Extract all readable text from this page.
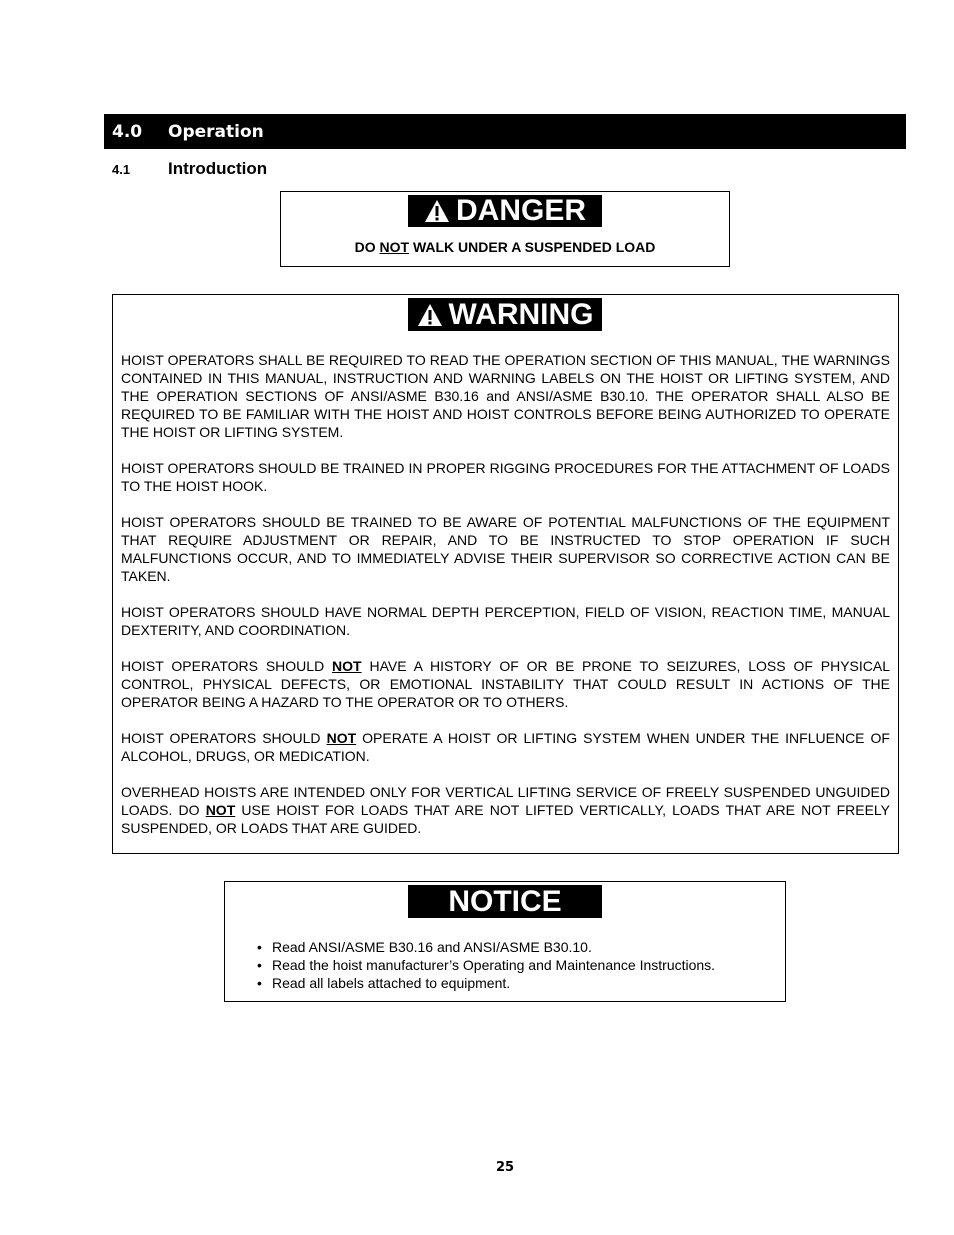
4.0	Operation
4.1	Introduction
DANGER
DO NOT WALK UNDER A SUSPENDED LOAD
WARNING

HOIST OPERATORS SHALL BE REQUIRED TO READ THE OPERATION SECTION OF THIS MANUAL, THE WARNINGS CONTAINED IN THIS MANUAL, INSTRUCTION AND WARNING LABELS ON THE HOIST OR LIFTING SYSTEM, AND THE OPERATION SECTIONS OF ANSI/ASME B30.16 and ANSI/ASME B30.10. THE OPERATOR SHALL ALSO BE REQUIRED TO BE FAMILIAR WITH THE HOIST AND HOIST CONTROLS BEFORE BEING AUTHORIZED TO OPERATE THE HOIST OR LIFTING SYSTEM.

HOIST OPERATORS SHOULD BE TRAINED IN PROPER RIGGING PROCEDURES FOR THE ATTACHMENT OF LOADS TO THE HOIST HOOK.

HOIST OPERATORS SHOULD BE TRAINED TO BE AWARE OF POTENTIAL MALFUNCTIONS OF THE EQUIPMENT THAT REQUIRE ADJUSTMENT OR REPAIR, AND TO BE INSTRUCTED TO STOP OPERATION IF SUCH MALFUNCTIONS OCCUR, AND TO IMMEDIATELY ADVISE THEIR SUPERVISOR SO CORRECTIVE ACTION CAN BE TAKEN.

HOIST OPERATORS SHOULD HAVE NORMAL DEPTH PERCEPTION, FIELD OF VISION, REACTION TIME, MANUAL DEXTERITY, AND COORDINATION.

HOIST OPERATORS SHOULD NOT HAVE A HISTORY OF OR BE PRONE TO SEIZURES, LOSS OF PHYSICAL CONTROL, PHYSICAL DEFECTS, OR EMOTIONAL INSTABILITY THAT COULD RESULT IN ACTIONS OF THE OPERATOR BEING A HAZARD TO THE OPERATOR OR TO OTHERS.

HOIST OPERATORS SHOULD NOT OPERATE A HOIST OR LIFTING SYSTEM WHEN UNDER THE INFLUENCE OF ALCOHOL, DRUGS, OR MEDICATION.

OVERHEAD HOISTS ARE INTENDED ONLY FOR VERTICAL LIFTING SERVICE OF FREELY SUSPENDED UNGUIDED LOADS. DO NOT USE HOIST FOR LOADS THAT ARE NOT LIFTED VERTICALLY, LOADS THAT ARE NOT FREELY SUSPENDED, OR LOADS THAT ARE GUIDED.

NOTICE
• Read ANSI/ASME B30.16 and ANSI/ASME B30.10.
• Read the hoist manufacturer’s Operating and Maintenance Instructions.
• Read all labels attached to equipment.
25
